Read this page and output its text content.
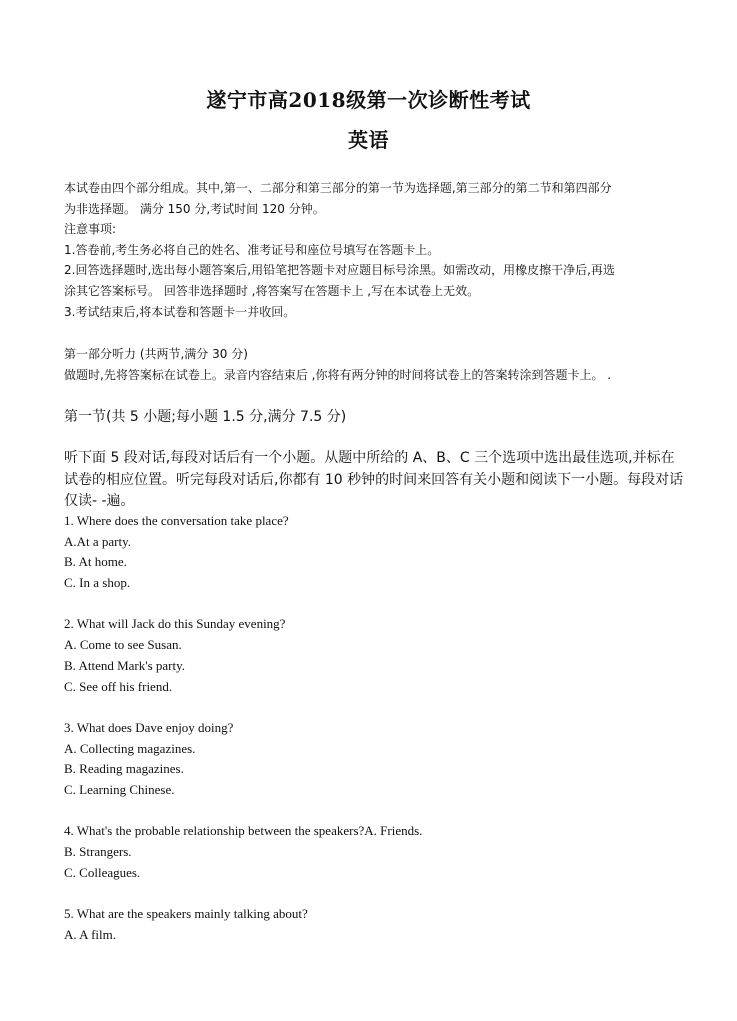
遂宁市高2018级第一次诊断性考试
英语
本试卷由四个部分组成。其中,第一、二部分和第三部分的第一节为选择题,第三部分的第二节和第四部分
为非选择题。 满分 150 分,考试时间 120 分钟。
注意事项:
1.答卷前,考生务必将自己的姓名、准考证号和座位号填写在答题卡上。
2.回答选择题时,选出每小题答案后,用铅笔把答题卡对应题目标号涂黑。如需改动，用橡皮擦干净后,再选
涂其它答案标号。 回答非选择题时 ,将答案写在答题卡上 ,写在本试卷上无效。
3.考试结束后,将本试卷和答题卡一并收回。
第一部分听力 (共两节,满分 30 分)
做题时,先将答案标在试卷上。录音内容结束后 ,你将有两分钟的时间将试卷上的答案转涂到答题卡上。 .
第一节(共 5 小题;每小题 1.5 分,满分 7.5 分)
听下面 5 段对话,每段对话后有一个小题。从题中所给的 A、B、C 三个选项中选出最佳选项,并标在
试卷的相应位置。听完每段对话后,你都有 10 秒钟的时间来回答有关小题和阅读下一小题。每段对话
仅读- -遍。
1. Where does the conversation take place?
A.At a party.
B. At home.
C. In a shop.
2. What will Jack do this Sunday evening?
A. Come to see Susan.
B. Attend Mark's party.
C. See off his friend.
3. What does Dave enjoy doing?
A. Collecting magazines.
B. Reading magazines.
C. Learning Chinese.
4. What's the probable relationship between the speakers?A. Friends.
B. Strangers.
C. Colleagues.
5. What are the speakers mainly talking about?
A. A film.
